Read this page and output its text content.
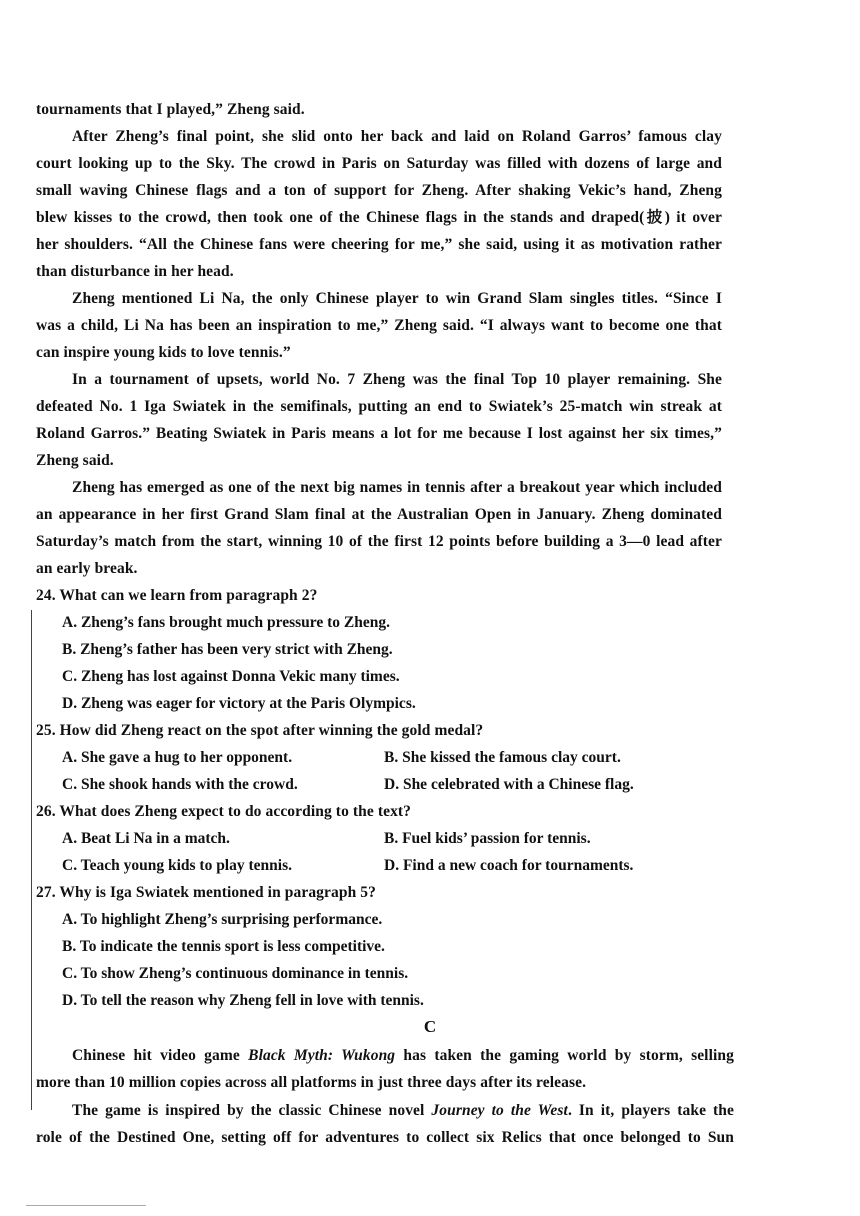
tournaments that I played,” Zheng said.
After Zheng’s final point, she slid onto her back and laid on Roland Garros’ famous clay
court looking up to the Sky. The crowd in Paris on Saturday was filled with dozens of large and
small waving Chinese flags and a ton of support for Zheng. After shaking Vekic’s hand, Zheng
blew kisses to the crowd, then took one of the Chinese flags in the stands and draped(披) it over
her shoulders. “All the Chinese fans were cheering for me,” she said, using it as motivation rather
than disturbance in her head.
Zheng mentioned Li Na, the only Chinese player to win Grand Slam singles titles. “Since I
was a child, Li Na has been an inspiration to me,” Zheng said. “I always want to become one that
can inspire young kids to love tennis.”
In a tournament of upsets, world No. 7 Zheng was the final Top 10 player remaining. She
defeated No. 1 Iga Swiatek in the semifinals, putting an end to Swiatek’s 25-match win streak at
Roland Garros.” Beating Swiatek in Paris means a lot for me because I lost against her six times,”
Zheng said.
Zheng has emerged as one of the next big names in tennis after a breakout year which included
an appearance in her first Grand Slam final at the Australian Open in January. Zheng dominated
Saturday’s match from the start, winning 10 of the first 12 points before building a 3—0 lead after
an early break.
24. What can we learn from paragraph 2?
A. Zheng’s fans brought much pressure to Zheng.
B. Zheng’s father has been very strict with Zheng.
C. Zheng has lost against Donna Vekic many times.
D. Zheng was eager for victory at the Paris Olympics.
25. How did Zheng react on the spot after winning the gold medal?
A. She gave a hug to her opponent.	B. She kissed the famous clay court.
C. She shook hands with the crowd.	D. She celebrated with a Chinese flag.
26. What does Zheng expect to do according to the text?
A. Beat Li Na in a match.	B. Fuel kids’ passion for tennis.
C. Teach young kids to play tennis.	D. Find a new coach for tournaments.
27. Why is Iga Swiatek mentioned in paragraph 5?
A. To highlight Zheng’s surprising performance.
B. To indicate the tennis sport is less competitive.
C. To show Zheng’s continuous dominance in tennis.
D. To tell the reason why Zheng fell in love with tennis.
C
Chinese hit video game Black Myth: Wukong has taken the gaming world by storm, selling
more than 10 million copies across all platforms in just three days after its release.
The game is inspired by the classic Chinese novel Journey to the West. In it, players take the
role of the Destined One, setting off for adventures to collect six Relics that once belonged to Sun
